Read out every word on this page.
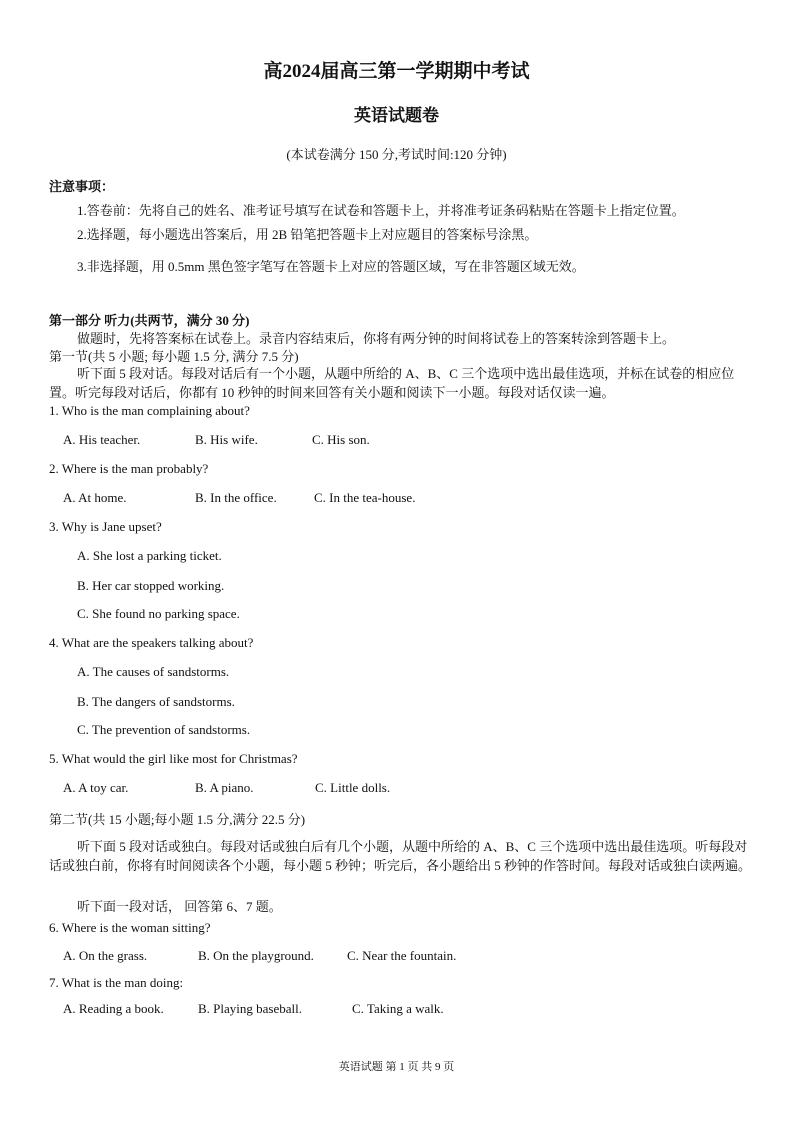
高2024届高三第一学期期中考试
英语试题卷
(本试卷满分 150 分,考试时间:120 分钟)
注意事项：
1.答卷前：先将自己的姓名、准考证号填写在试卷和答题卡上，并将准考证条码粘贴在答题卡上指定位置。
2.选择题，每小题选出答案后，用 2B 铅笔把答题卡上对应题目的答案标号涂黑。
3.非选择题，用 0.5mm 黑色签字笔写在答题卡上对应的答题区域，写在非答题区域无效。
第一部分 听力(共两节，满分 30 分)
做题时，先将答案标在试卷上。录音内容结束后，你将有两分钟的时间将试卷上的答案转涂到答题卡上。
第一节(共 5 小题; 每小题 1.5 分, 满分 7.5 分)
听下面 5 段对话。每段对话后有一个小题，从题中所给的 A、B、C 三个选项中选出最佳选项，并标在试卷的相应位置。听完每段对话后，你都有 10 秒钟的时间来回答有关小题和阅读下一小题。每段对话仅读一遍。
1. Who is the man complaining about?
A. His teacher.	B. His wife.	C. His son.
2. Where is the man probably?
A. At home.	B. In the office.	C. In the tea-house.
3. Why is Jane upset?
A. She lost a parking ticket.
B. Her car stopped working.
C. She found no parking space.
4. What are the speakers talking about?
A. The causes of sandstorms.
B. The dangers of sandstorms.
C. The prevention of sandstorms.
5. What would the girl like most for Christmas?
A. A toy car.	B. A piano.	C. Little dolls.
第二节(共 15 小题;每小题 1.5 分,满分 22.5 分)
听下面 5 段对话或独白。每段对话或独白后有几个小题，从题中所给的 A、B、C 三个选项中选出最佳选项。听每段对话或独白前，你将有时间阅读各个小题，每小题 5 秒钟；听完后，各小题给出 5 秒钟的作答时间。每段对话或独白读两遍。
听下面一段对话， 回答第 6、7 题。
6. Where is the woman sitting?
A. On the grass.	B. On the playground.	C. Near the fountain.
7. What is the man doing:
A. Reading a book.	B. Playing baseball.	C. Taking a walk.
英语试题 第 1 页 共 9 页
